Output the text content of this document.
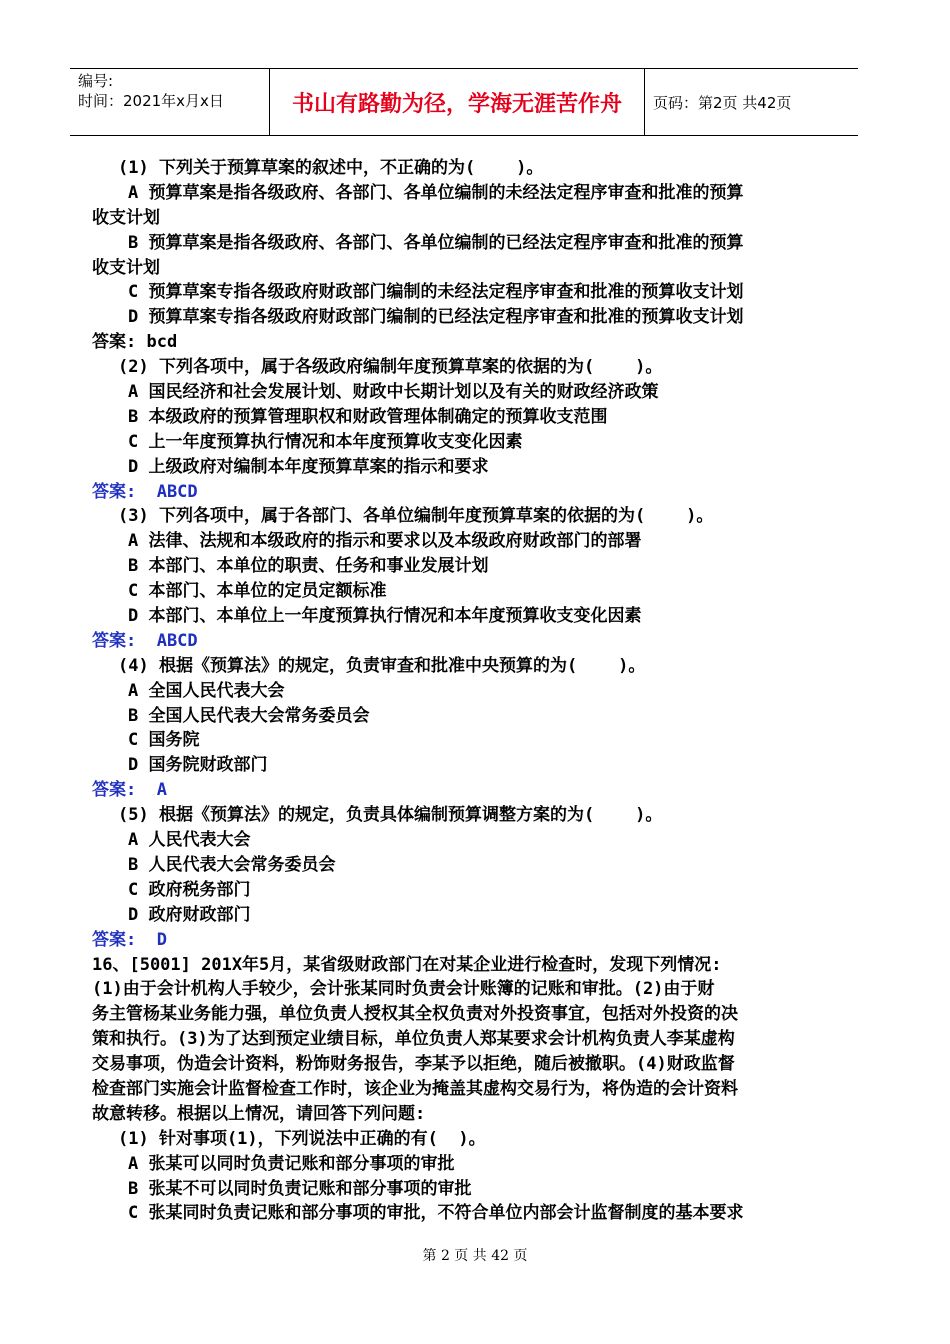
编号:
时间：2021年x月x日	书山有路勤为径，学海无涯苦作舟	页码：第2页 共42页
(1) 下列关于预算草案的叙述中，不正确的为(    )。
A 预算草案是指各级政府、各部门、各单位编制的未经法定程序审查和批准的预算
收支计划
B 预算草案是指各级政府、各部门、各单位编制的已经法定程序审查和批准的预算
收支计划
C 预算草案专指各级政府财政部门编制的未经法定程序审查和批准的预算收支计划
D 预算草案专指各级政府财政部门编制的已经法定程序审查和批准的预算收支计划
答案: bcd
(2) 下列各项中，属于各级政府编制年度预算草案的依据的为(    )。
A 国民经济和社会发展计划、财政中长期计划以及有关的财政经济政策
B 本级政府的预算管理职权和财政管理体制确定的预算收支范围
C 上一年度预算执行情况和本年度预算收支变化因素
D 上级政府对编制本年度预算草案的指示和要求
答案:  ABCD
(3) 下列各项中，属于各部门、各单位编制年度预算草案的依据的为(    )。
A 法律、法规和本级政府的指示和要求以及本级政府财政部门的部署
B 本部门、本单位的职责、任务和事业发展计划
C 本部门、本单位的定员定额标准
D 本部门、本单位上一年度预算执行情况和本年度预算收支变化因素
答案:  ABCD
(4) 根据《预算法》的规定，负责审查和批准中央预算的为(    )。
A 全国人民代表大会
B 全国人民代表大会常务委员会
C 国务院
D 国务院财政部门
答案:  A
(5) 根据《预算法》的规定，负责具体编制预算调整方案的为(    )。
A 人民代表大会
B 人民代表大会常务委员会
C 政府税务部门
D 政府财政部门
答案:  D
16、[5001] 201X年5月，某省级财政部门在对某企业进行检查时，发现下列情况:
(1)由于会计机构人手较少，会计张某同时负责会计账簿的记账和审批。(2)由于财
务主管杨某业务能力强，单位负责人授权其全权负责对外投资事宜，包括对外投资的决
策和执行。(3)为了达到预定业绩目标，单位负责人郑某要求会计机构负责人李某虚构
交易事项，伪造会计资料，粉饰财务报告，李某予以拒绝，随后被撤职。(4)财政监督
检查部门实施会计监督检查工作时，该企业为掩盖其虚构交易行为，将伪造的会计资料
故意转移。根据以上情况，请回答下列问题:
(1) 针对事项(1)，下列说法中正确的有(  )。
A 张某可以同时负责记账和部分事项的审批
B 张某不可以同时负责记账和部分事项的审批
C 张某同时负责记账和部分事项的审批，不符合单位内部会计监督制度的基本要求
第 2 页 共 42 页
